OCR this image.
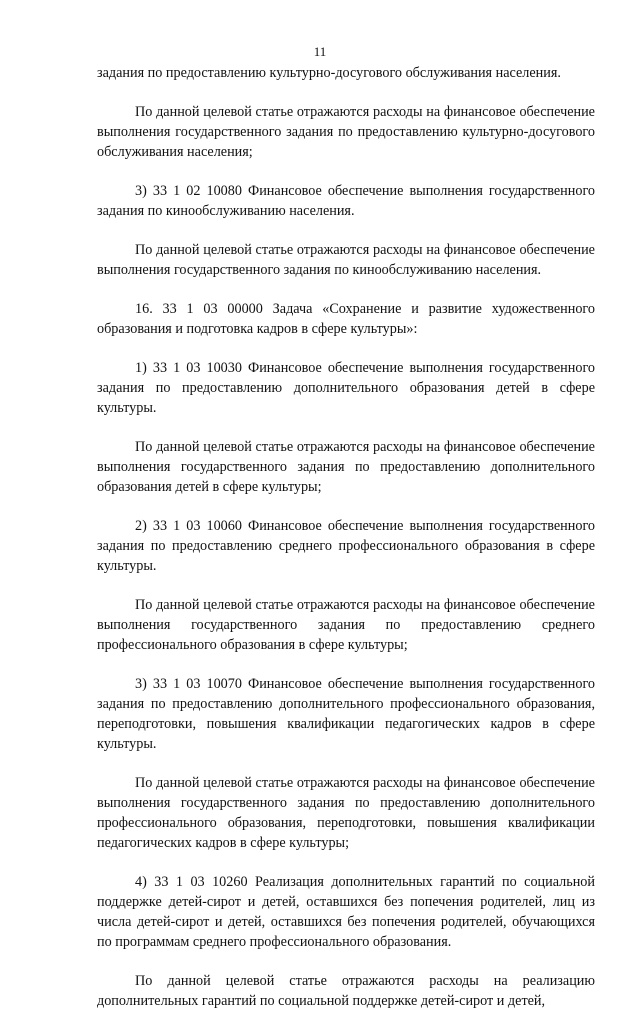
11

задания по предоставлению культурно-досугового обслуживания населения.

По данной целевой статье отражаются расходы на финансовое обеспечение выполнения государственного задания по предоставлению культурно-досугового обслуживания населения;

3) 33 1 02 10080 Финансовое обеспечение выполнения государственного задания по кинообслуживанию населения.

По данной целевой статье отражаются расходы на финансовое обеспечение выполнения государственного задания по кинообслуживанию населения.

16. 33 1 03 00000 Задача «Сохранение и развитие художественного образования и подготовка кадров в сфере культуры»:

1) 33 1 03 10030 Финансовое обеспечение выполнения государственного задания по предоставлению дополнительного образования детей в сфере культуры.

По данной целевой статье отражаются расходы на финансовое обеспечение выполнения государственного задания по предоставлению дополнительного образования детей в сфере культуры;

2) 33 1 03 10060 Финансовое обеспечение выполнения государственного задания по предоставлению среднего профессионального образования в сфере культуры.

По данной целевой статье отражаются расходы на финансовое обеспечение выполнения государственного задания по предоставлению среднего профессионального образования в сфере культуры;

3) 33 1 03 10070 Финансовое обеспечение выполнения государственного задания по предоставлению дополнительного профессионального образования, переподготовки, повышения квалификации педагогических кадров в сфере культуры.

По данной целевой статье отражаются расходы на финансовое обеспечение выполнения государственного задания по предоставлению дополнительного профессионального образования, переподготовки, повышения квалификации педагогических кадров в сфере культуры;

4) 33 1 03 10260 Реализация дополнительных гарантий по социальной поддержке детей-сирот и детей, оставшихся без попечения родителей, лиц из числа детей-сирот и детей, оставшихся без попечения родителей, обучающихся по программам среднего профессионального образования.

По данной целевой статье отражаются расходы на реализацию дополнительных гарантий по социальной поддержке детей-сирот и детей,
